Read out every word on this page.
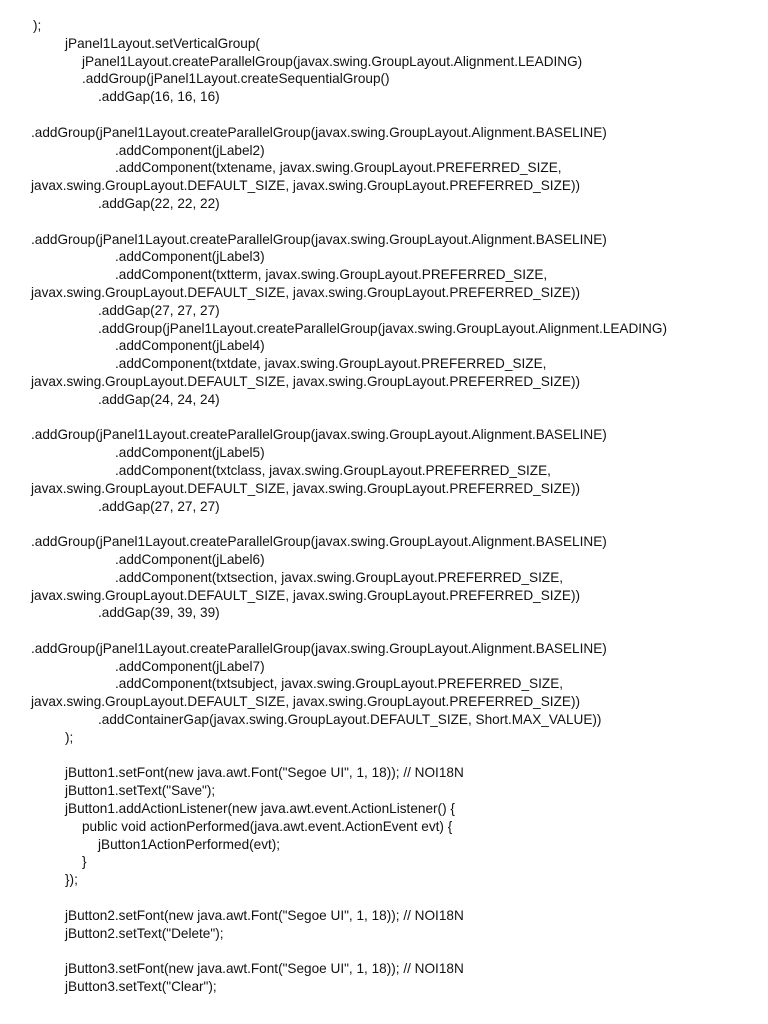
);
jPanel1Layout.setVerticalGroup(
jPanel1Layout.createParallelGroup(javax.swing.GroupLayout.Alignment.LEADING)
.addGroup(jPanel1Layout.createSequentialGroup()
.addGap(16, 16, 16)
.addGroup(jPanel1Layout.createParallelGroup(javax.swing.GroupLayout.Alignment.BASELINE)
.addComponent(jLabel2)
.addComponent(txtename, javax.swing.GroupLayout.PREFERRED_SIZE,
javax.swing.GroupLayout.DEFAULT_SIZE, javax.swing.GroupLayout.PREFERRED_SIZE))
.addGap(22, 22, 22)
.addGroup(jPanel1Layout.createParallelGroup(javax.swing.GroupLayout.Alignment.BASELINE)
.addComponent(jLabel3)
.addComponent(txtterm, javax.swing.GroupLayout.PREFERRED_SIZE,
javax.swing.GroupLayout.DEFAULT_SIZE, javax.swing.GroupLayout.PREFERRED_SIZE))
.addGap(27, 27, 27)
.addGroup(jPanel1Layout.createParallelGroup(javax.swing.GroupLayout.Alignment.LEADING)
.addComponent(jLabel4)
.addComponent(txtdate, javax.swing.GroupLayout.PREFERRED_SIZE,
javax.swing.GroupLayout.DEFAULT_SIZE, javax.swing.GroupLayout.PREFERRED_SIZE))
.addGap(24, 24, 24)
.addGroup(jPanel1Layout.createParallelGroup(javax.swing.GroupLayout.Alignment.BASELINE)
.addComponent(jLabel5)
.addComponent(txtclass, javax.swing.GroupLayout.PREFERRED_SIZE,
javax.swing.GroupLayout.DEFAULT_SIZE, javax.swing.GroupLayout.PREFERRED_SIZE))
.addGap(27, 27, 27)
.addGroup(jPanel1Layout.createParallelGroup(javax.swing.GroupLayout.Alignment.BASELINE)
.addComponent(jLabel6)
.addComponent(txtsection, javax.swing.GroupLayout.PREFERRED_SIZE,
javax.swing.GroupLayout.DEFAULT_SIZE, javax.swing.GroupLayout.PREFERRED_SIZE))
.addGap(39, 39, 39)
.addGroup(jPanel1Layout.createParallelGroup(javax.swing.GroupLayout.Alignment.BASELINE)
.addComponent(jLabel7)
.addComponent(txtsubject, javax.swing.GroupLayout.PREFERRED_SIZE,
javax.swing.GroupLayout.DEFAULT_SIZE, javax.swing.GroupLayout.PREFERRED_SIZE))
.addContainerGap(javax.swing.GroupLayout.DEFAULT_SIZE, Short.MAX_VALUE))
);
jButton1.setFont(new java.awt.Font("Segoe UI", 1, 18)); // NOI18N
jButton1.setText("Save");
jButton1.addActionListener(new java.awt.event.ActionListener() {
public void actionPerformed(java.awt.event.ActionEvent evt) {
jButton1ActionPerformed(evt);
}
});
jButton2.setFont(new java.awt.Font("Segoe UI", 1, 18)); // NOI18N
jButton2.setText("Delete");
jButton3.setFont(new java.awt.Font("Segoe UI", 1, 18)); // NOI18N
jButton3.setText("Clear");
